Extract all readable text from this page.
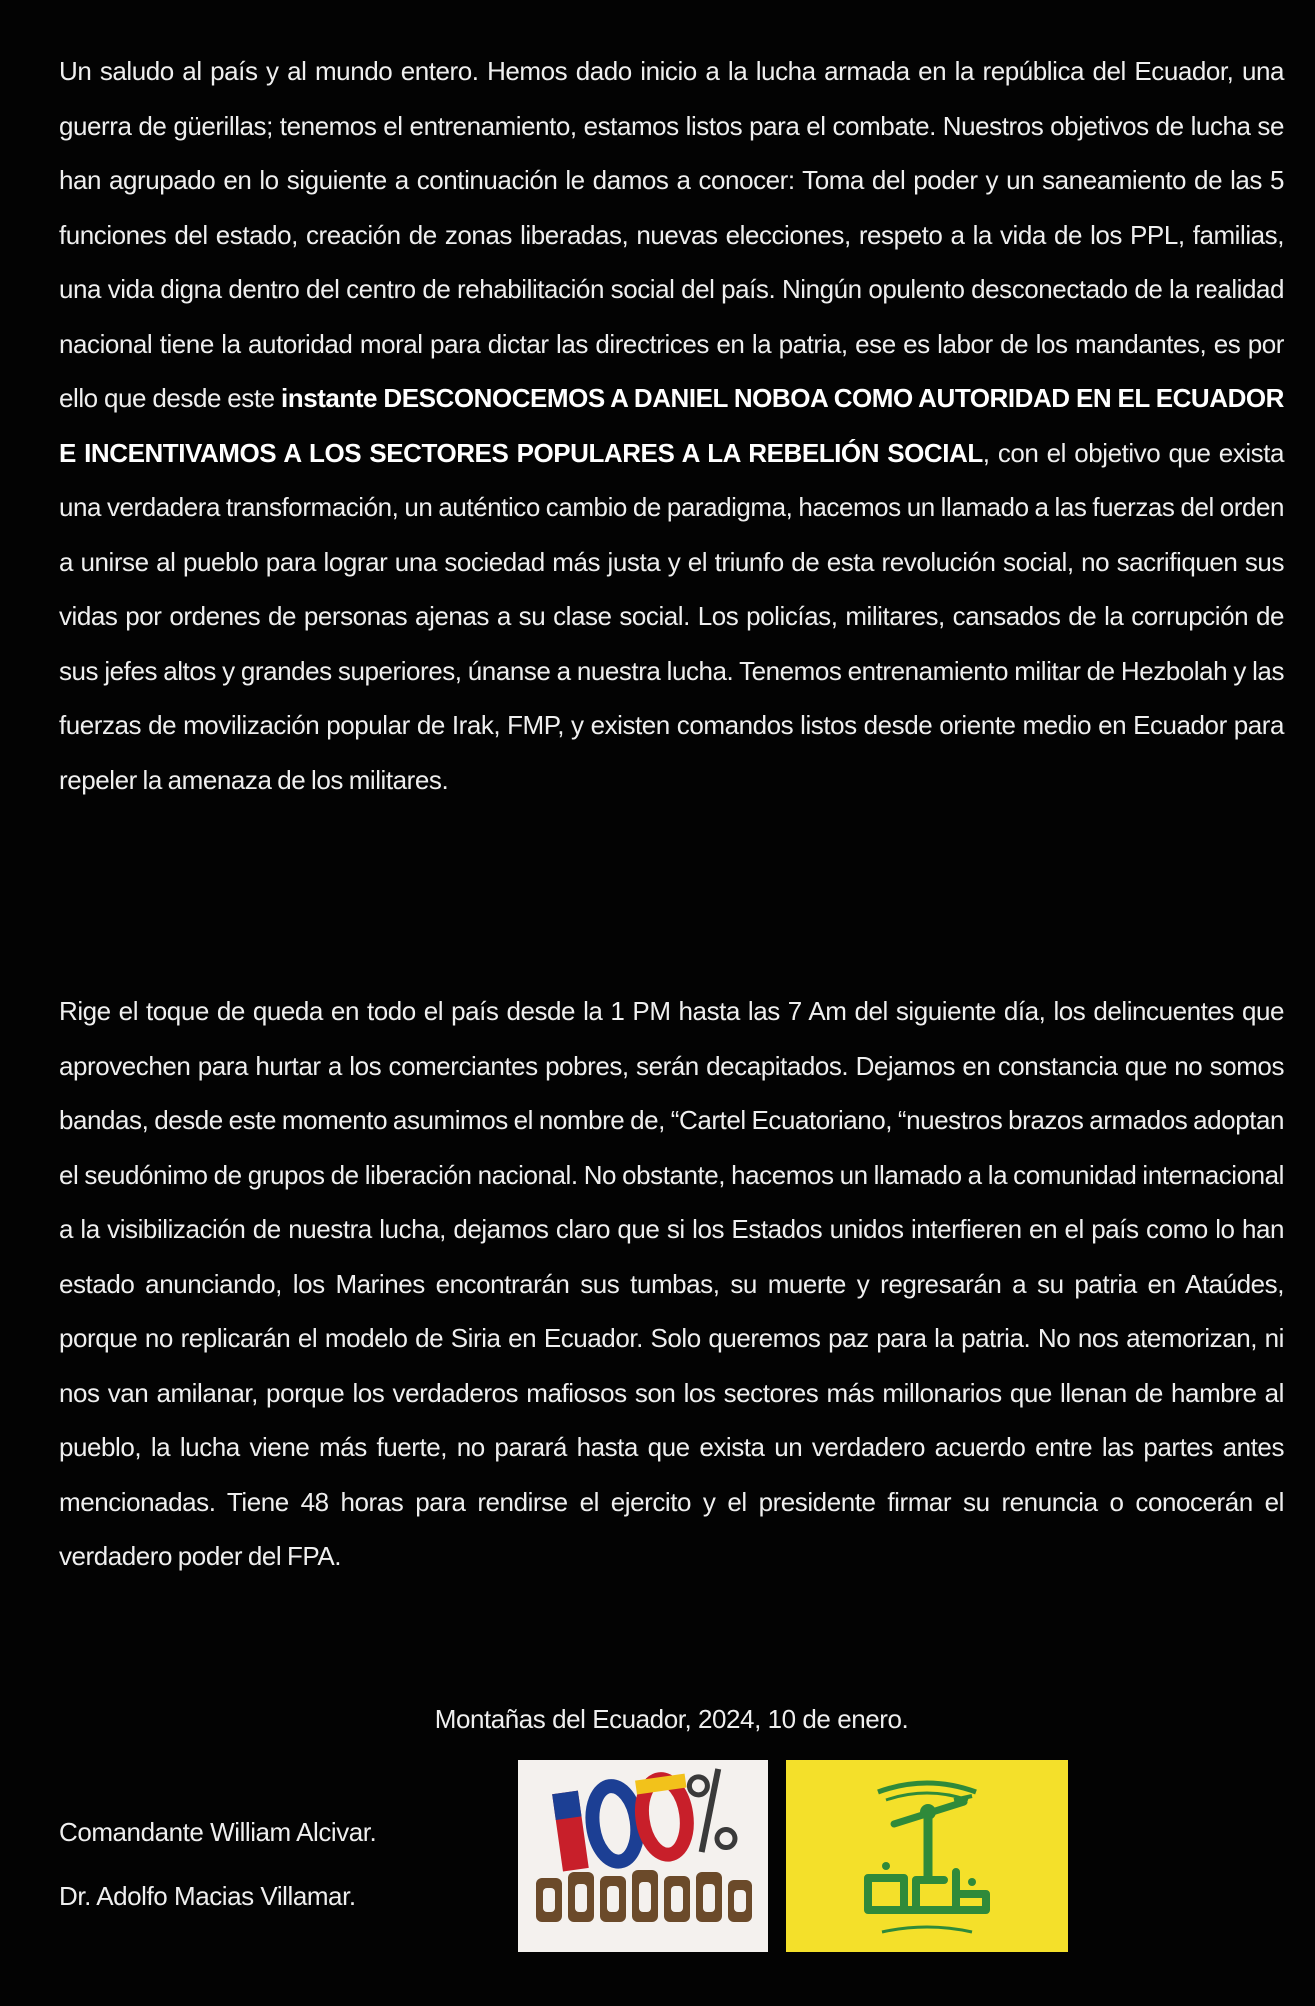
Un saludo al país y al mundo entero. Hemos dado inicio a la lucha armada en la república del Ecuador, una guerra de güerillas; tenemos el entrenamiento, estamos listos para el combate. Nuestros objetivos de lucha se han agrupado en lo siguiente a continuación le damos a conocer: Toma del poder y un saneamiento de las 5 funciones del estado, creación de zonas liberadas, nuevas elecciones, respeto a la vida de los PPL, familias, una vida digna dentro del centro de rehabilitación social del país. Ningún opulento desconectado de la realidad nacional tiene la autoridad moral para dictar las directrices en la patria, ese es labor de los mandantes, es por ello que desde este instante DESCONOCEMOS A DANIEL NOBOA COMO AUTORIDAD EN EL ECUADOR E INCENTIVAMOS A LOS SECTORES POPULARES A LA REBELIÓN SOCIAL, con el objetivo que exista una verdadera transformación, un auténtico cambio de paradigma, hacemos un llamado a las fuerzas del orden a unirse al pueblo para lograr una sociedad más justa y el triunfo de esta revolución social, no sacrifiquen sus vidas por ordenes de personas ajenas a su clase social. Los policías, militares, cansados de la corrupción de sus jefes altos y grandes superiores, únanse a nuestra lucha. Tenemos entrenamiento militar de Hezbolah y las fuerzas de movilización popular de Irak, FMP, y existen comandos listos desde oriente medio en Ecuador para repeler la amenaza de los militares.

Rige el toque de queda en todo el país desde la 1 PM hasta las 7 Am del siguiente día, los delincuentes que aprovechen para hurtar a los comerciantes pobres, serán decapitados. Dejamos en constancia que no somos bandas, desde este momento asumimos el nombre de, “Cartel Ecuatoriano, “nuestros brazos armados adoptan el seudónimo de grupos de liberación nacional. No obstante, hacemos un llamado a la comunidad internacional a la visibilización de nuestra lucha, dejamos claro que si los Estados unidos interfieren en el país como lo han estado anunciando, los Marines encontrarán sus tumbas, su muerte y regresarán a su patria en Ataúdes, porque no replicarán el modelo de Siria en Ecuador. Solo queremos paz para la patria. No nos atemorizan, ni nos van amilanar, porque los verdaderos mafiosos son los sectores más millonarios que llenan de hambre al pueblo, la lucha viene más fuerte, no parará hasta que exista un verdadero acuerdo entre las partes antes mencionadas. Tiene 48 horas para rendirse el ejercito y el presidente firmar su renuncia o conocerán el verdadero poder del FPA.

Montañas del Ecuador, 2024, 10 de enero.
Comandante William Alcivar.
Dr. Adolfo Macias Villamar.
